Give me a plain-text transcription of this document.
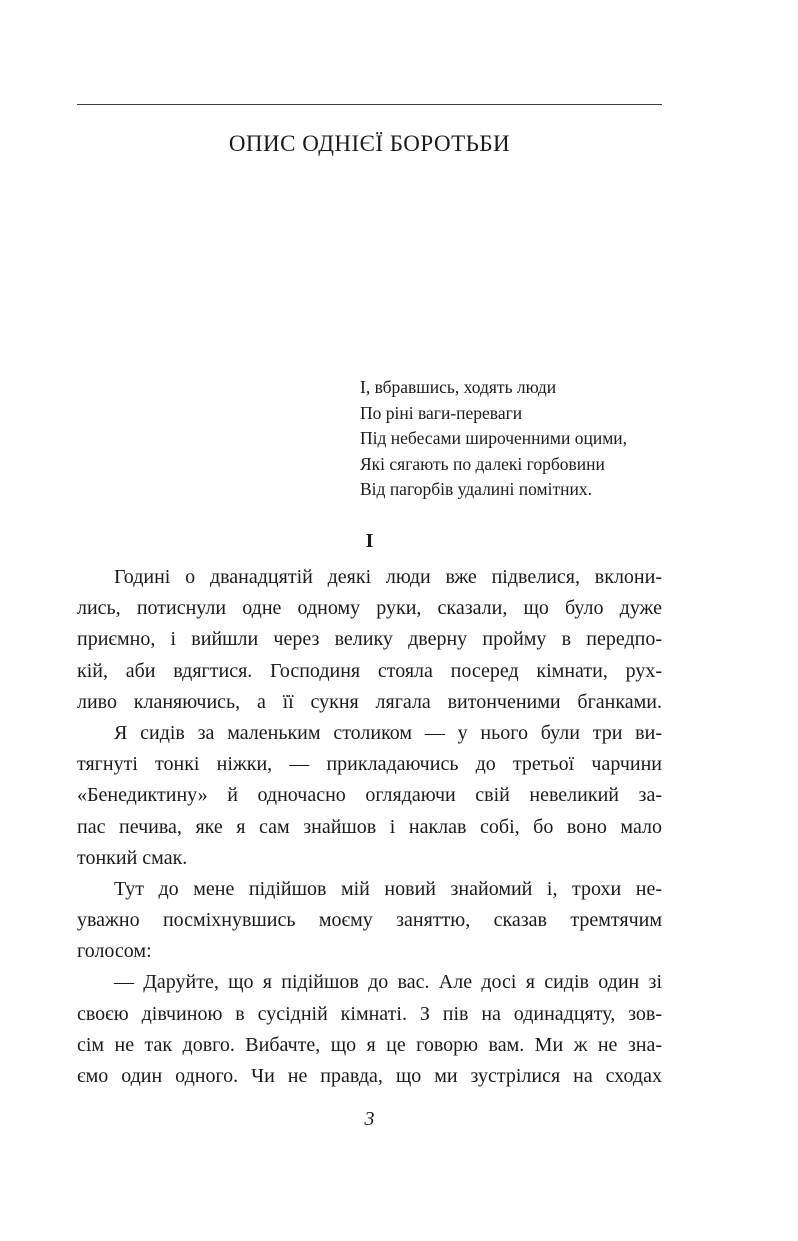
ОПИС ОДНІЄЇ БОРОТЬБИ
І, вбравшись, ходять люди
По ріні ваги-переваги
Під небесами широченними оцими,
Які сягають по далекі горбовини
Від пагорбів удалині помітних.
I
Годині о дванадцятій деякі люди вже підвелися, вклони-
лись, потиснули одне одному руки, сказали, що було дуже
приємно, і вийшли через велику дверну пройму в передпо-
кій, аби вдягтися. Господиня стояла посеред кімнати, рух-
ливо кланяючись, а її сукня лягала витонченими бганками.
Я сидів за маленьким столиком — у нього були три ви-
тягнуті тонкі ніжки, — прикладаючись до третьої чарчини
«Бенедиктину» й одночасно оглядаючи свій невеликий за-
пас печива, яке я сам знайшов і наклав собі, бо воно мало
тонкий смак.
Тут до мене підійшов мій новий знайомий і, трохи не-
уважно посміхнувшись моєму заняттю, сказав тремтячим
голосом:
— Даруйте, що я підійшов до вас. Але досі я сидів один зі
своєю дівчиною в сусідній кімнаті. З пів на одинадцяту, зов-
сім не так довго. Вибачте, що я це говорю вам. Ми ж не зна-
ємо один одного. Чи не правда, що ми зустрілися на сходах
3
